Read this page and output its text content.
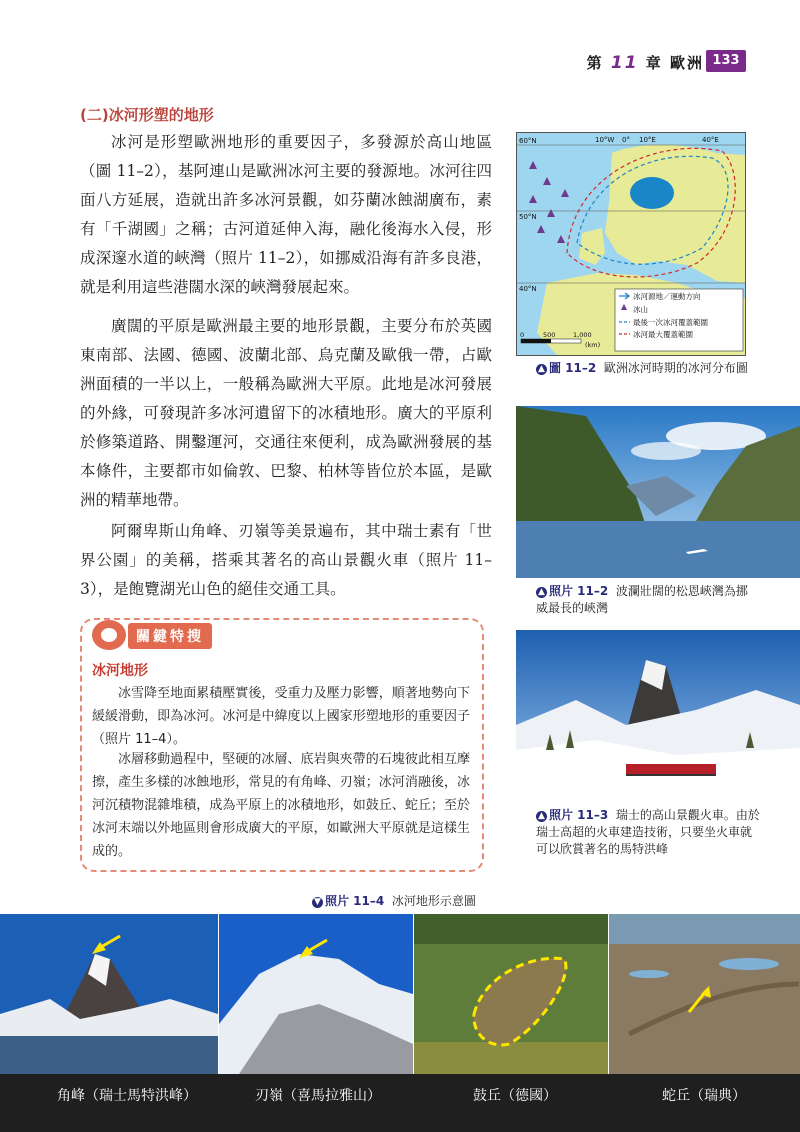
第 11 章 歐洲 133
(二)冰河形塑的地形
冰河是形塑歐洲地形的重要因子，多發源於高山地區（圖 11–2），基阿連山是歐洲冰河主要的發源地。冰河往四面八方延展，造就出許多冰河景觀，如芬蘭冰蝕湖廣布，素有「千湖國」之稱；古河道延伸入海，融化後海水入侵，形成深邃水道的峽灣（照片 11–2），如挪威沿海有許多良港，就是利用這些港闊水深的峽灣發展起來。
廣闊的平原是歐洲最主要的地形景觀，主要分布於英國東南部、法國、德國、波蘭北部、烏克蘭及歐俄一帶，占歐洲面積的一半以上，一般稱為歐洲大平原。此地是冰河發展的外緣，可發現許多冰河遺留下的冰積地形。廣大的平原利於修築道路、開鑿運河，交通往來便利，成為歐洲發展的基本條件，主要都市如倫敦、巴黎、柏林等皆位於本區，是歐洲的精華地帶。
阿爾卑斯山角峰、刃嶺等美景遍布，其中瑞士素有「世界公園」的美稱，搭乘其著名的高山景觀火車（照片 11–3），是飽覽湖光山色的絕佳交通工具。
關鍵特搜
冰河地形
冰雪降至地面累積壓實後，受重力及壓力影響，順著地勢向下緩緩滑動，即為冰河。冰河是中緯度以上國家形塑地形的重要因子（照片 11–4）。
冰層移動過程中，堅硬的冰層、底岩與夾帶的石塊彼此相互摩擦，產生多樣的冰蝕地形，常見的有角峰、刃嶺；冰河消融後，冰河沉積物混雜堆積，成為平原上的冰積地形，如鼓丘、蛇丘；至於冰河末端以外地區則會形成廣大的平原，如歐洲大平原就是這樣生成的。
60°N
50°N
40°N
10°W 0° 10°E	40°E
冰河源地／運動方向
冰山
最後一次冰河覆蓋範圍
冰河最大覆蓋範圍
0	500	1,000
(km)
▲ 圖 11–2 歐洲冰河時期的冰河分布圖
▲ 照片 11–2 波瀾壯闊的松恩峽灣為挪威最長的峽灣
▲ 照片 11–3 瑞士的高山景觀火車。由於瑞士高超的火車建造技術，只要坐火車就可以欣賞著名的馬特洪峰
▼ 照片 11–4 冰河地形示意圖
角峰（瑞士馬特洪峰）	刃嶺（喜馬拉雅山）	鼓丘（德國）	蛇丘（瑞典）
